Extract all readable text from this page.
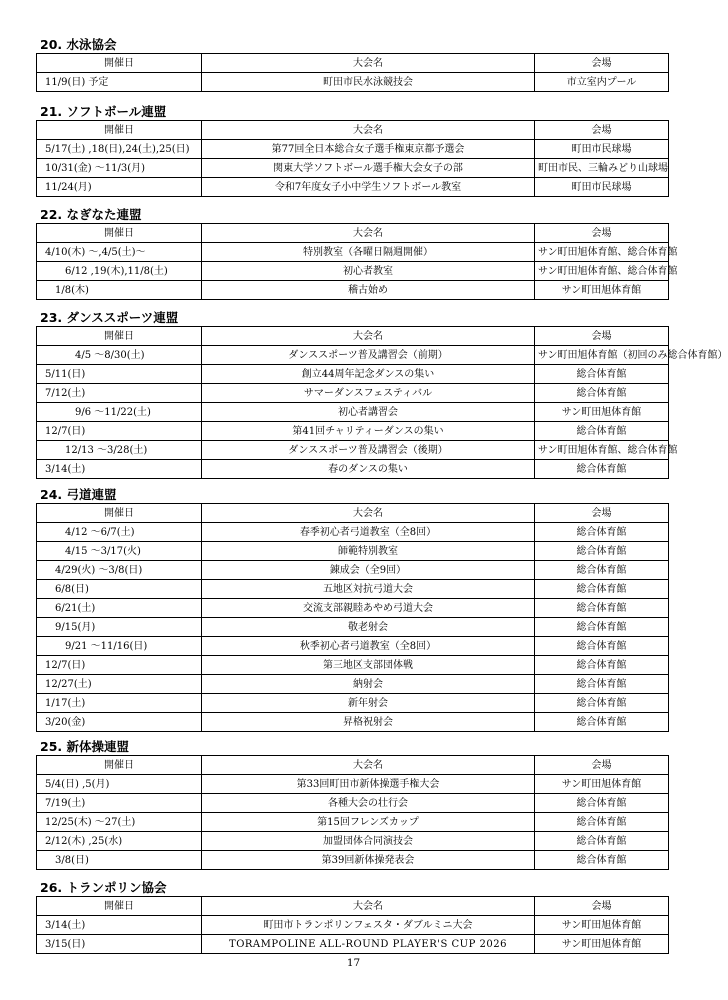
20. 水泳協会
開催日	大会名	会場
11/9(日) 予定	町田市民水泳競技会	市立室内プール
21. ソフトボール連盟
開催日	大会名	会場
5/17(土) ,18(日),24(土),25(日)	第77回全日本総合女子選手権東京都予選会	町田市民球場
10/31(金) ～11/3(月)	関東大学ソフトボール選手権大会女子の部	町田市民、三輪みどり山球場
11/24(月)	令和7年度女子小中学生ソフトボール教室	町田市民球場
22. なぎなた連盟
開催日	大会名	会場
4/10(木) ～,4/5(土)～	特別教室（各曜日隔週開催）	サン町田旭体育館、総合体育館
6/12 ,19(木),11/8(土)	初心者教室	サン町田旭体育館、総合体育館
1/8(木)	稽古始め	サン町田旭体育館
23. ダンススポーツ連盟
開催日	大会名	会場
4/5 ～8/30(土)	ダンススポーツ普及講習会（前期）	サン町田旭体育館（初回のみ総合体育館）
5/11(日)	創立44周年記念ダンスの集い	総合体育館
7/12(土)	サマーダンスフェスティバル	総合体育館
9/6 ～11/22(土)	初心者講習会	サン町田旭体育館
12/7(日)	第41回チャリティーダンスの集い	総合体育館
12/13 ～3/28(土)	ダンススポーツ普及講習会（後期）	サン町田旭体育館、総合体育館
3/14(土)	春のダンスの集い	総合体育館
24. 弓道連盟
開催日	大会名	会場
4/12 ～6/7(土)	春季初心者弓道教室（全8回）	総合体育館
4/15 ～3/17(火)	師範特別教室	総合体育館
4/29(火) ～3/8(日)	錬成会（全9回）	総合体育館
6/8(日)	五地区対抗弓道大会	総合体育館
6/21(土)	交流支部親睦あやめ弓道大会	総合体育館
9/15(月)	敬老射会	総合体育館
9/21 ～11/16(日)	秋季初心者弓道教室（全8回）	総合体育館
12/7(日)	第三地区支部団体戦	総合体育館
12/27(土)	納射会	総合体育館
1/17(土)	新年射会	総合体育館
3/20(金)	昇格祝射会	総合体育館
25. 新体操連盟
開催日	大会名	会場
5/4(日) ,5(月)	第33回町田市新体操選手権大会	サン町田旭体育館
7/19(土)	各種大会の壮行会	総合体育館
12/25(木) ～27(土)	第15回フレンズカップ	総合体育館
2/12(木) ,25(水)	加盟団体合同演技会	総合体育館
3/8(日)	第39回新体操発表会	総合体育館
26. トランポリン協会
開催日	大会名	会場
3/14(土)	町田市トランポリンフェスタ・ダブルミニ大会	サン町田旭体育館
3/15(日)	TORAMPOLINE ALL-ROUND PLAYER'S CUP 2026	サン町田旭体育館
17
